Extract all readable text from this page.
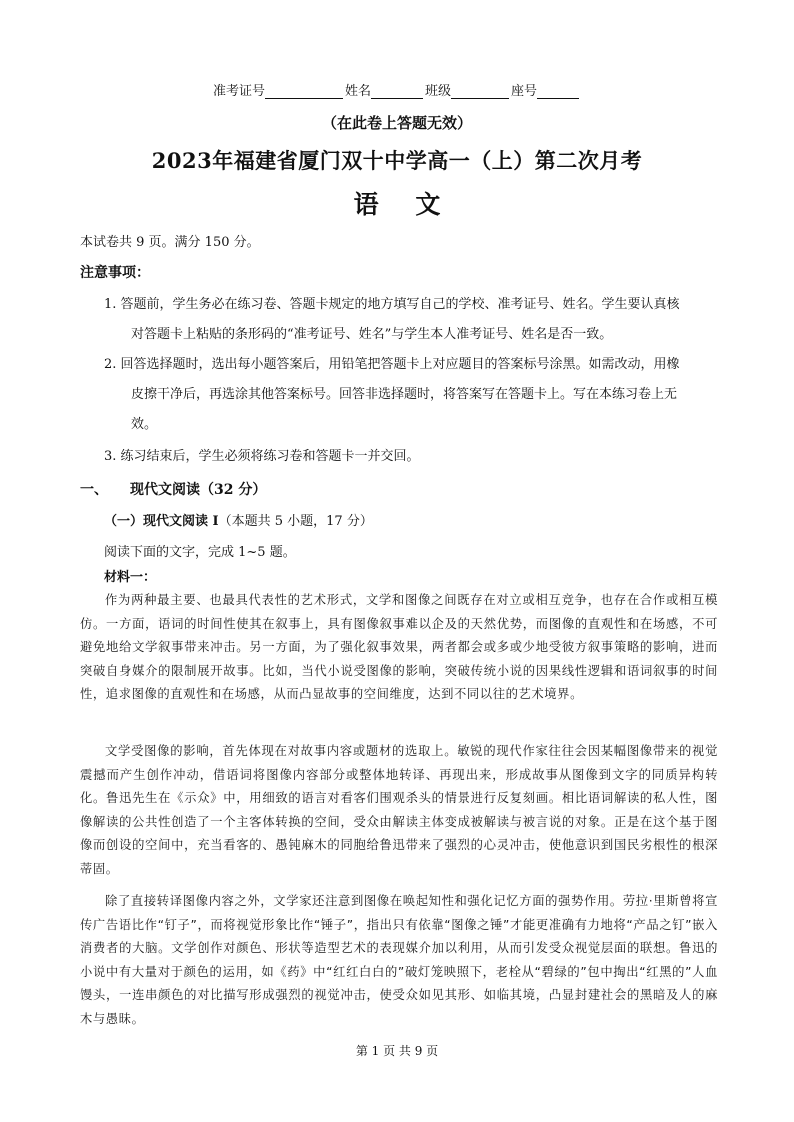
准考证号	姓名	班级	座号
（在此卷上答题无效）
2023年福建省厦门双十中学高一（上）第二次月考
语 文
本试卷共 9 页。满分 150 分。
注意事项：
1. 答题前，学生务必在练习卷、答题卡规定的地方填写自己的学校、准考证号、姓名。学生要认真核
对答题卡上粘贴的条形码的“准考证号、姓名”与学生本人准考证号、姓名是否一致。
2. 回答选择题时，选出每小题答案后，用铅笔把答题卡上对应题目的答案标号涂黑。如需改动，用橡
皮擦干净后，再选涂其他答案标号。回答非选择题时，将答案写在答题卡上。写在本练习卷上无
效。
3. 练习结束后，学生必须将练习卷和答题卡一并交回。
一、 现代文阅读（32 分）
（一）现代文阅读 I（本题共 5 小题，17 分）
阅读下面的文字，完成 1~5 题。
材料一：
作为两种最主要、也最具代表性的艺术形式，文学和图像之间既存在对立或相互竞争，也存在合作或相互模仿。一方面，语词的时间性使其在叙事上，具有图像叙事难以企及的天然优势，而图像的直观性和在场感，不可避免地给文学叙事带来冲击。另一方面，为了强化叙事效果，两者都会或多或少地受彼方叙事策略的影响，进而突破自身媒介的限制展开故事。比如，当代小说受图像的影响，突破传统小说的因果线性逻辑和语词叙事的时间性，追求图像的直观性和在场感，从而凸显故事的空间维度，达到不同以往的艺术境界。
文学受图像的影响，首先体现在对故事内容或题材的选取上。敏锐的现代作家往往会因某幅图像带来的视觉震撼而产生创作冲动，借语词将图像内容部分或整体地转译、再现出来，形成故事从图像到文字的同质异构转化。鲁迅先生在《示众》中，用细致的语言对看客们围观杀头的情景进行反复刻画。相比语词解读的私人性，图像解读的公共性创造了一个主客体转换的空间，受众由解读主体变成被解读与被言说的对象。正是在这个基于图像而创设的空间中，充当看客的、愚钝麻木的同胞给鲁迅带来了强烈的心灵冲击，使他意识到国民劣根性的根深蒂固。
除了直接转译图像内容之外，文学家还注意到图像在唤起知性和强化记忆方面的强势作用。劳拉·里斯曾将宣传广告语比作“钉子”，而将视觉形象比作“锤子”，指出只有依靠“图像之锤”才能更准确有力地将“产品之钉”嵌入消费者的大脑。文学创作对颜色、形状等造型艺术的表现媒介加以利用，从而引发受众视觉层面的联想。鲁迅的小说中有大量对于颜色的运用，如《药》中“红红白白的”破灯笼映照下，老栓从“碧绿的”包中掏出“红黑的”人血馒头，一连串颜色的对比描写形成强烈的视觉冲击，使受众如见其形、如临其境，凸显封建社会的黑暗及人的麻木与愚昧。
第 1 页 共 9 页
